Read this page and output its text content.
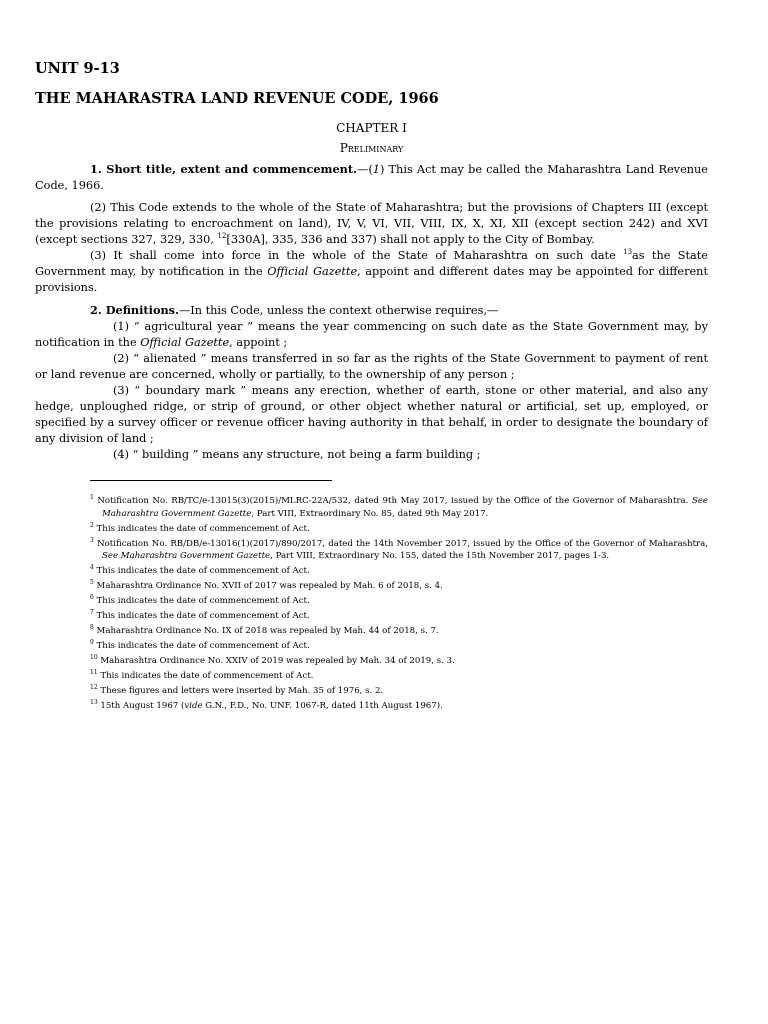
UNIT 9-13
THE MAHARASTRA LAND REVENUE CODE, 1966
CHAPTER I
Preliminary

1. Short title, extent and commencement.—(1) This Act may be called the Maharashtra Land Revenue Code, 1966.

(2) This Code extends to the whole of the State of Maharashtra; but the provisions of Chapters III (except the provisions relating to encroachment on land), IV, V, VI, VII, VIII, IX, X, XI, XII (except section 242) and XVI (except sections 327, 329, 330, $^{12}$[330A], 335, 336 and 337) shall not apply to the City of Bombay.

(3) It shall come into force in the whole of the State of Maharashtra on such date $^{13}$as the State Government may, by notification in the Official Gazette, appoint and different dates may be appointed for different provisions.

2. Definitions.—In this Code, unless the context otherwise requires,—

(1) “ agricultural year ” means the year commencing on such date as the State Government may, by notification in the Official Gazette, appoint ;

(2) “ alienated ” means transferred in so far as the rights of the State Government to payment of rent or land revenue are concerned, wholly or partially, to the ownership of any person ;

(3) “ boundary mark ” means any erection, whether of earth, stone or other material, and also any hedge, unploughed ridge, or strip of ground, or other object whether natural or artificial, set up, employed, or specified by a survey officer or revenue officer having authority in that behalf, in order to designate the boundary of any division of land ;

(4) “ building ” means any structure, not being a farm building ;

$^1$ Notification No. RB/TC/e-13015(3)(2015)/MLRC-22A/532, dated 9th May 2017, issued by the Office of the Governor of Maharashtra. See Maharashtra Government Gazette, Part VIII, Extraordinary No. 85, dated 9th May 2017.

$^2$ This indicates the date of commencement of Act.

$^3$ Notification No. RB/DB/e-13016(1)(2017)/890/2017, dated the 14th November 2017, issued by the Office of the Governor of Maharashtra, See Maharashtra Government Gazette, Part VIII, Extraordinary No. 155, dated the 15th November 2017, pages 1-3.

$^4$ This indicates the date of commencement of Act.

$^5$ Maharashtra Ordinance No. XVII of 2017 was repealed by Mah. 6 of 2018, s. 4.

$^6$ This indicates the date of commencement of Act.

$^7$ This indicates the date of commencement of Act.

$^8$ Maharashtra Ordinance No. IX of 2018 was repealed by Mah. 44 of 2018, s. 7.

$^9$ This indicates the date of commencement of Act.

$^{10}$ Maharashtra Ordinance No. XXIV of 2019 was repealed by Mah. 34 of 2019, s. 3.

$^{11}$ This indicates the date of commencement of Act.

$^{12}$ These figures and letters were inserted by Mah. 35 of 1976, s. 2.

$^{13}$ 15th August 1967 (vide G.N., F.D., No. UNF. 1067-R, dated 11th August 1967).
